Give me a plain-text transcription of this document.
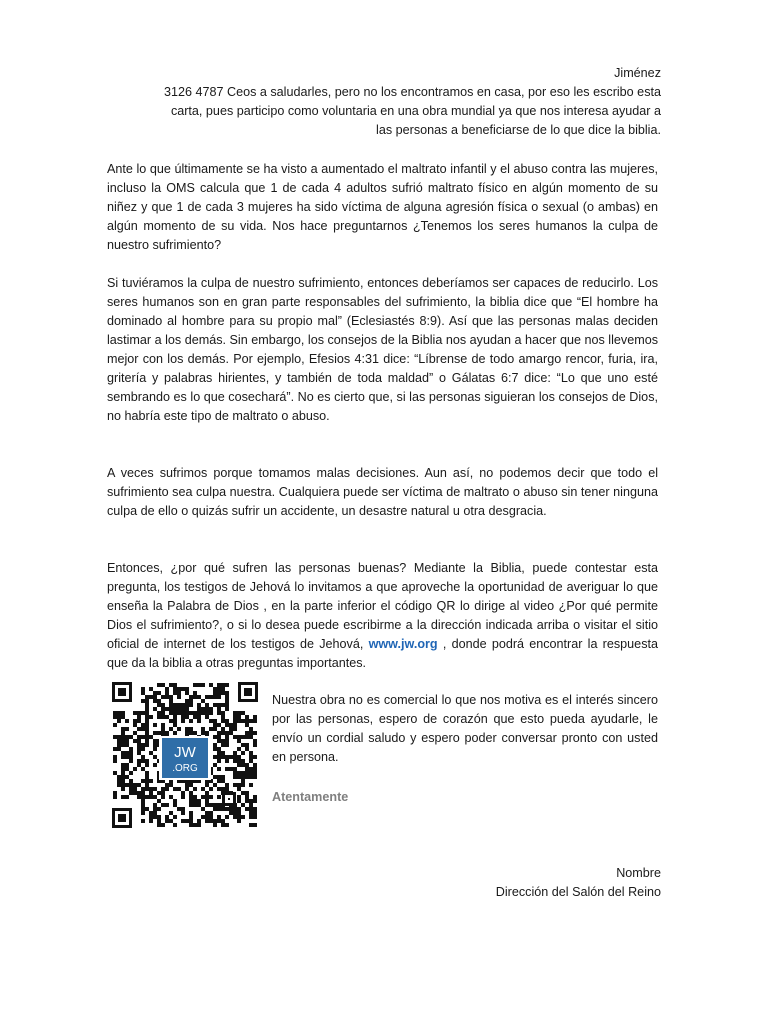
Jiménez

3126 4787 Ceos a saludarles, pero no los encontramos en casa, por eso les escribo esta

carta, pues participo como voluntaria en una obra mundial ya que nos interesa ayudar a

las personas a beneficiarse de lo que dice la biblia.

Ante lo que últimamente se ha visto a aumentado el maltrato infantil y el abuso contra las mujeres, incluso la OMS calcula que 1 de cada 4 adultos sufrió maltrato físico en algún momento de su niñez y que 1 de cada 3 mujeres ha sido víctima de alguna agresión física o sexual (o ambas) en algún momento de su vida. Nos hace preguntarnos ¿Tenemos los seres humanos la culpa de nuestro sufrimiento?

Si tuviéramos la culpa de nuestro sufrimiento, entonces deberíamos ser capaces de reducirlo. Los seres humanos son en gran parte responsables del sufrimiento, la biblia dice que “El hombre ha dominado al hombre para su propio mal” (Eclesiastés 8:9). Así que las personas malas deciden lastimar a los demás. Sin embargo, los consejos de la Biblia nos ayudan a hacer que nos llevemos mejor con los demás. Por ejemplo, Efesios 4:31 dice: “Líbrense de todo amargo rencor, furia, ira, gritería y palabras hirientes, y también de toda maldad” o Gálatas 6:7 dice: “Lo que uno esté sembrando es lo que cosechará”. No es cierto que, si las personas siguieran los consejos de Dios, no habría este tipo de maltrato o abuso.

A veces sufrimos porque tomamos malas decisiones. Aun así, no podemos decir que todo el sufrimiento sea culpa nuestra. Cualquiera puede ser víctima de maltrato o abuso sin tener ninguna culpa de ello o quizás sufrir un accidente, un desastre natural u otra desgracia.

Entonces, ¿por qué sufren las personas buenas? Mediante la Biblia, puede contestar esta pregunta, los testigos de Jehová lo invitamos a que aproveche la oportunidad de averiguar lo que enseña la Palabra de Dios , en la parte inferior el código QR lo dirige al video ¿Por qué permite Dios el sufrimiento?, o si lo desea puede escribirme a la dirección indicada arriba o visitar el sitio oficial de internet de los testigos de Jehová, www.jw.org , donde podrá encontrar la respuesta que da la biblia a otras preguntas importantes.

JW
.ORG

Nuestra obra no es comercial lo que nos motiva es el interés sincero por las personas, espero de corazón que esto pueda ayudarle, le envío un cordial saludo y espero poder conversar pronto con usted en persona.

Atentamente

Nombre

Dirección del Salón del Reino
